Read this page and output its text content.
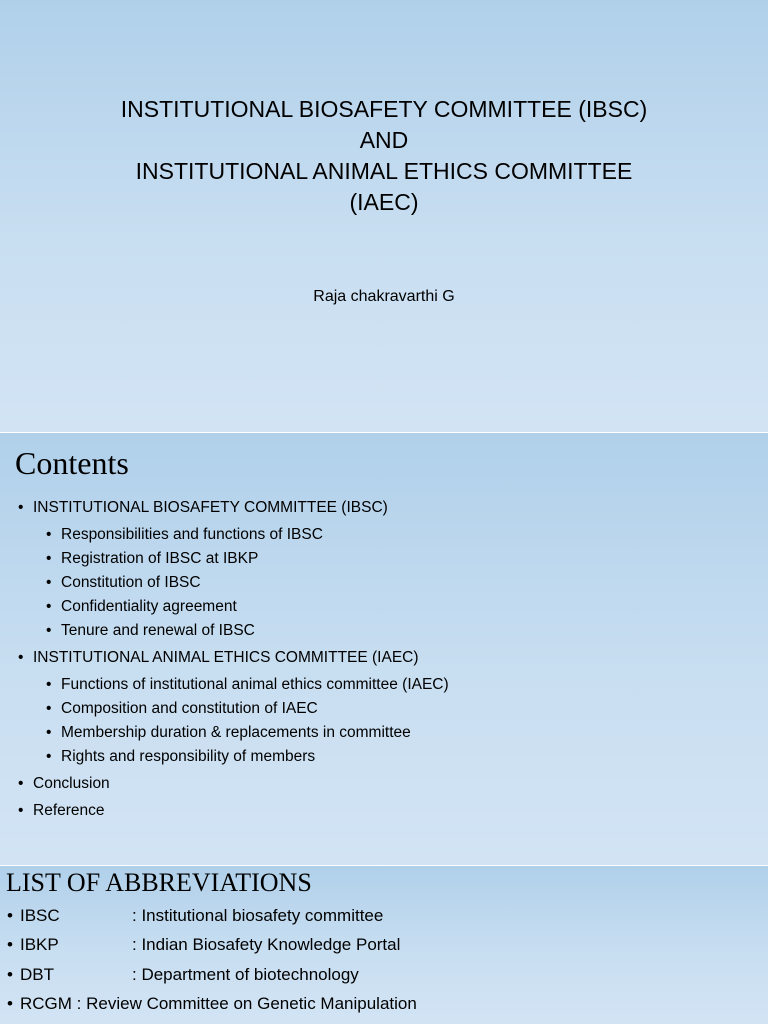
INSTITUTIONAL BIOSAFETY COMMITTEE (IBSC)
AND
INSTITUTIONAL ANIMAL ETHICS COMMITTEE
(IAEC)
Raja chakravarthi G
Contents
• INSTITUTIONAL BIOSAFETY COMMITTEE (IBSC)
• Responsibilities and functions of IBSC
• Registration of IBSC at IBKP
• Constitution of IBSC
• Confidentiality agreement
• Tenure and renewal of IBSC
• INSTITUTIONAL ANIMAL ETHICS COMMITTEE (IAEC)
• Functions of institutional animal ethics committee (IAEC)
• Composition and constitution of IAEC
• Membership duration & replacements in committee
• Rights and responsibility of members
• Conclusion
• Reference
LIST OF ABBREVIATIONS
• IBSC	: Institutional biosafety committee
• IBKP	: Indian Biosafety Knowledge Portal
• DBT	: Department of biotechnology
• RCGM : Review Committee on Genetic Manipulation
